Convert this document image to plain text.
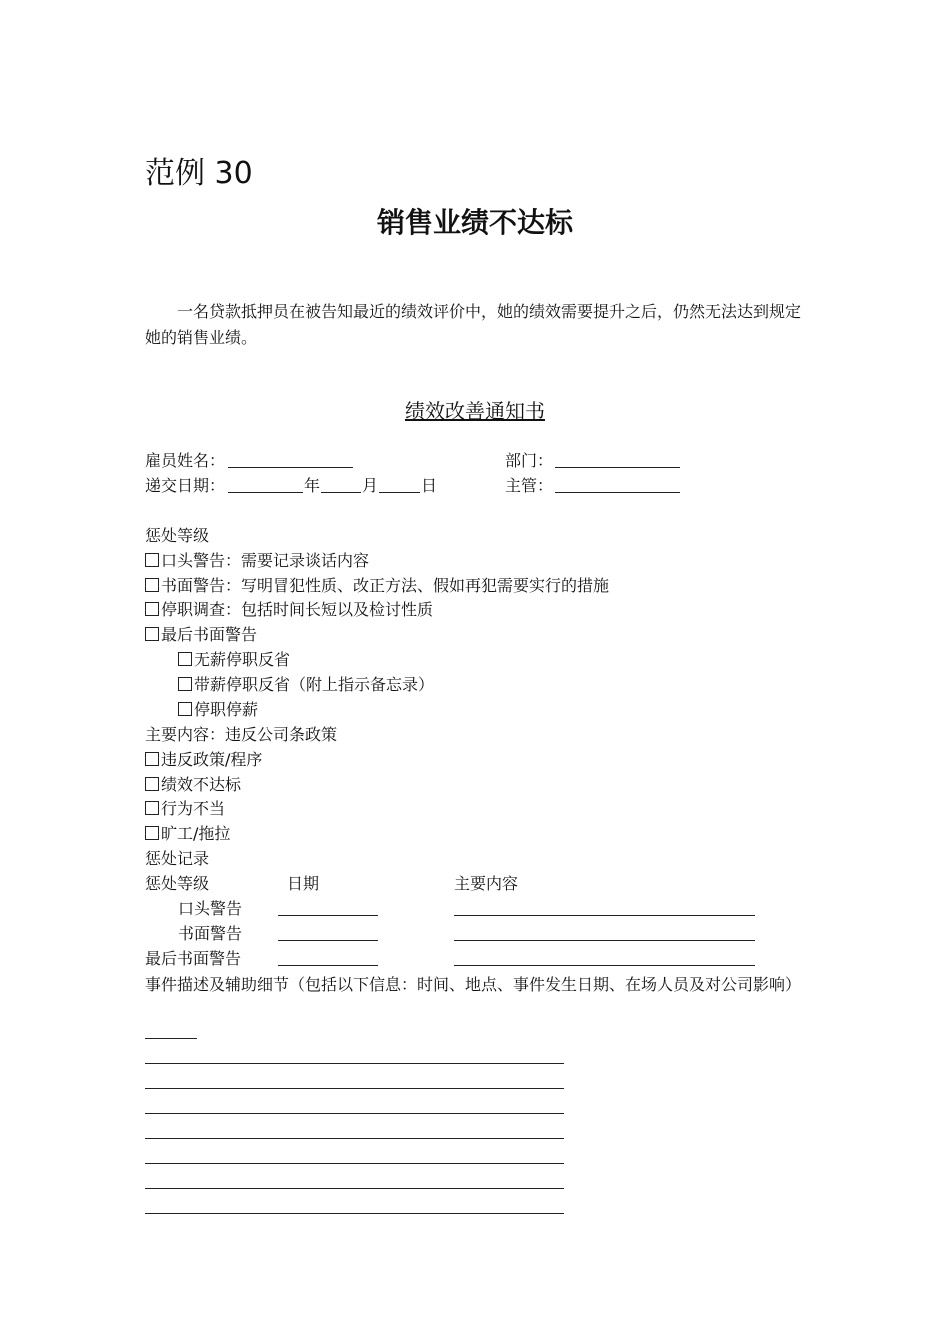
范例 30
销售业绩不达标
一名贷款抵押员在被告知最近的绩效评价中，她的绩效需要提升之后，仍然无法达到规定她的销售业绩。
绩效改善通知书
雇员姓名：	部门：
递交日期：	年	月	日	主管：
惩处等级
口头警告：需要记录谈话内容
书面警告：写明冒犯性质、改正方法、假如再犯需要实行的措施
停职调查：包括时间长短以及检讨性质
最后书面警告
无薪停职反省
带薪停职反省（附上指示备忘录）
停职停薪
主要内容：违反公司条政策
违反政策/程序
绩效不达标
行为不当
旷工/拖拉
惩处记录
惩处等级	日期	主要内容
口头警告
书面警告
最后书面警告
事件描述及辅助细节（包括以下信息：时间、地点、事件发生日期、在场人员及对公司影响）
